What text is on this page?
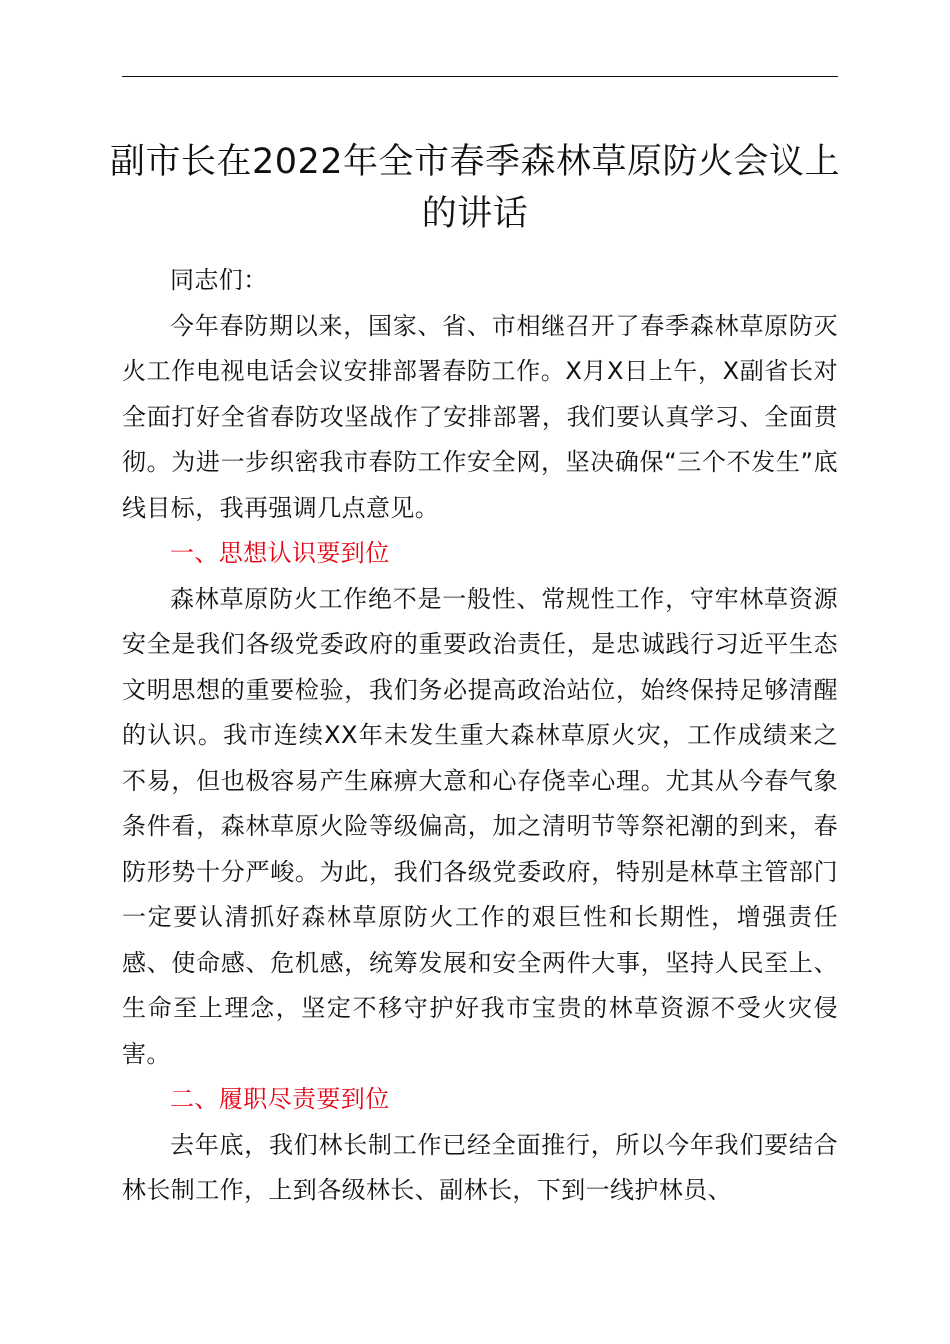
副市长在2022年全市春季森林草原防火会议上的讲话

同志们：

今年春防期以来，国家、省、市相继召开了春季森林草原防灭火工作电视电话会议安排部署春防工作。X月X日上午，X副省长对全面打好全省春防攻坚战作了安排部署，我们要认真学习、全面贯彻。为进一步织密我市春防工作安全网，坚决确保“三个不发生”底线目标，我再强调几点意见。

一、思想认识要到位

森林草原防火工作绝不是一般性、常规性工作，守牢林草资源安全是我们各级党委政府的重要政治责任，是忠诚践行习近平生态文明思想的重要检验，我们务必提高政治站位，始终保持足够清醒的认识。我市连续XX年未发生重大森林草原火灾，工作成绩来之不易，但也极容易产生麻痹大意和心存侥幸心理。尤其从今春气象条件看，森林草原火险等级偏高，加之清明节等祭祀潮的到来，春防形势十分严峻。为此，我们各级党委政府，特别是林草主管部门一定要认清抓好森林草原防火工作的艰巨性和长期性，增强责任感、使命感、危机感，统筹发展和安全两件大事，坚持人民至上、生命至上理念，坚定不移守护好我市宝贵的林草资源不受火灾侵害。

二、履职尽责要到位

去年底，我们林长制工作已经全面推行，所以今年我们要结合林长制工作，上到各级林长、副林长，下到一线护林员、
